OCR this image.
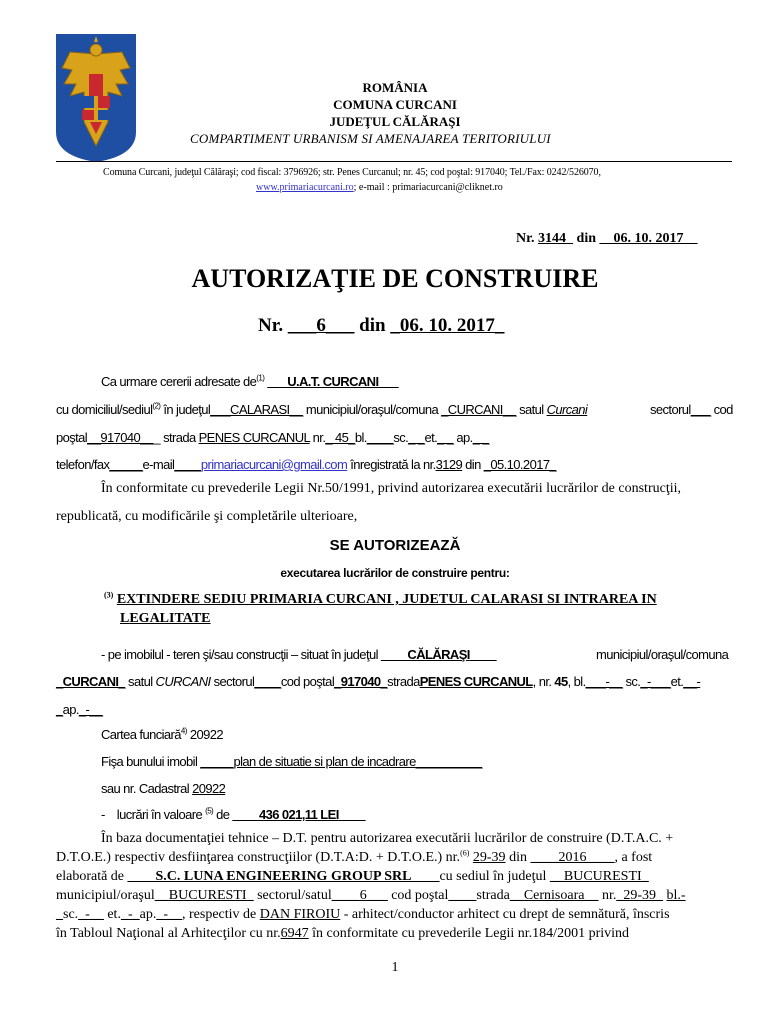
ROMÂNIA
COMUNA CURCANI
JUDEŢUL CĂLĂRAŞI
COMPARTIMENT URBANISM SI AMENAJAREA TERITORIULUI
Comuna Curcani, judeţul Călăraşi; cod fiscal: 3796926; str. Penes Curcanul; nr. 45; cod poştal: 917040; Tel./Fax: 0242/526070,
www.primariacurcani.ro; e-mail : primariacurcani@cliknet.ro
Nr. 3144_ din __06. 10. 2017__
AUTORIZAŢIE DE CONSTRUIRE
Nr. ___6___ din _06. 10. 2017_
Ca urmare cererii adresate $de^{(1)}$ ___U.A.T. CURCANI___
cu domiciliul/sediul$^{(2)}$ în judeţul___CALARASI__ municipiul/oraşul/comuna _CURCANI__ satul Curcani	sectorul___ cod
poştal__917040___ strada PENES CURCANUL nr._ 45_bl.____sc._ _et._ _ ap._ _
telefon/fax_____e-mail____primariacurcani@gmail.com înregistrată la nr.3129 din _05.10.2017_
În conformitate cu prevederile Legii Nr.50/1991, privind autorizarea executării lucrărilor de construcţii,
republicată, cu modificările şi completările ulterioare,
SE AUTORIZEAZĂ
executarea lucrărilor de construire pentru:
$^{(3)}$ EXTINDERE SEDIU PRIMARIA CURCANI , JUDETUL CALARASI SI INTRAREA IN
LEGALITATE
- pe imobilul - teren şi/sau construcţii – situat în judeţul ____CĂLĂRAŞI____	municipiul/oraşul/comuna
_CURCANI_ satul CURCANI sectorul____cod poştal_917040_stradaPENES CURCANUL, nr. 45, bl.___-__ sc._-___et.__-
_ap._-__
Cartea funciară$^{4)}$ 20922
Fişa bunului imobil _____plan de situatie si plan de incadrare__________
sau nr. Cadastral 20922
- lucrări în valoare $^{(5)}$ de ____436 021,11 LEI____
În baza documentaţiei tehnice – D.T. pentru autorizarea executării lucrărilor de construire (D.T.A.C. +
D.T.O.E.) respectiv desfiinţarea construcţiilor (D.T.A:D. + D.T.O.E.) nr.$^{(6)}$ 29-39 din ____2016____, a fost
elaborată de ____S.C. LUNA ENGINEERING GROUP SRL____cu sediul în judeţul __BUCURESTI_
municipiul/oraşul__BUCURESTI_ sectorul/satul____6___ cod poştal____strada__Cernisoara__ nr._29-39_ bl.-
_sc._-__ et._-_ap._-__, respectiv de DAN FIROIU - arhitect/conductor arhitect cu drept de semnătură, înscris
în Tabloul Naţional al Arhitecţilor cu nr.6947 în conformitate cu prevederile Legii nr.184/2001 privind
1
